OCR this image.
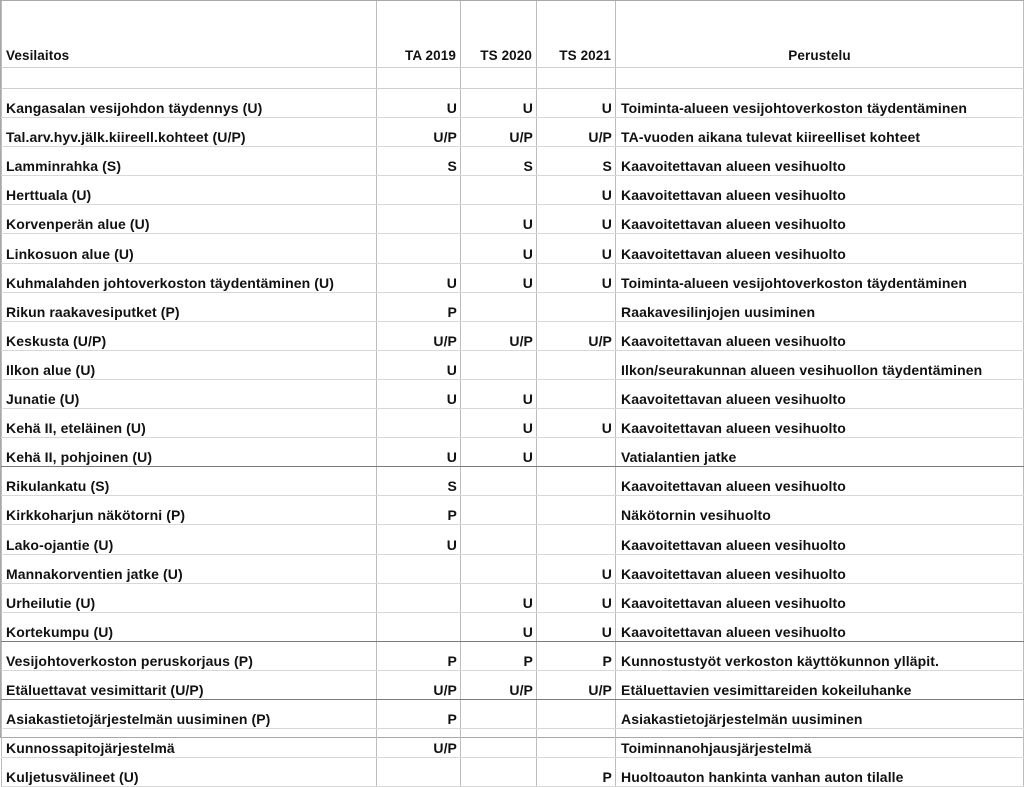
Vesilaitos	TA 2019	TS 2020	TS 2021	Perustelu

Kangasalan vesijohdon täydennys (U)	U	U	U	Toiminta-alueen vesijohtoverkoston täydentäminen
Tal.arv.hyv.jälk.kiireell.kohteet (U/P)	U/P	U/P	U/P	TA-vuoden aikana tulevat kiireelliset kohteet
Lamminrahka (S)	S	S	S	Kaavoitettavan alueen vesihuolto
Herttuala (U)			U	Kaavoitettavan alueen vesihuolto
Korvenperän alue (U)		U	U	Kaavoitettavan alueen vesihuolto
Linkosuon alue (U)		U	U	Kaavoitettavan alueen vesihuolto
Kuhmalahden johtoverkoston täydentäminen (U)	U	U	U	Toiminta-alueen vesijohtoverkoston täydentäminen
Rikun raakavesiputket (P)	P			Raakavesilinjojen uusiminen
Keskusta (U/P)	U/P	U/P	U/P	Kaavoitettavan alueen vesihuolto
Ilkon alue (U)	U			Ilkon/seurakunnan alueen vesihuollon täydentäminen
Junatie (U)	U	U		Kaavoitettavan alueen vesihuolto
Kehä II, eteläinen (U)		U	U	Kaavoitettavan alueen vesihuolto
Kehä II, pohjoinen (U)	U	U		Vatialantien jatke
Rikulankatu (S)	S			Kaavoitettavan alueen vesihuolto
Kirkkoharjun näkötorni (P)	P			Näkötornin vesihuolto
Lako-ojantie (U)	U			Kaavoitettavan alueen vesihuolto
Mannakorventien jatke (U)			U	Kaavoitettavan alueen vesihuolto
Urheilutie (U)		U	U	Kaavoitettavan alueen vesihuolto
Kortekumpu (U)		U	U	Kaavoitettavan alueen vesihuolto
Vesijohtoverkoston peruskorjaus (P)	P	P	P	Kunnostustyöt verkoston käyttökunnon ylläpit.
Etäluettavat vesimittarit (U/P)	U/P	U/P	U/P	Etäluettavien vesimittareiden kokeiluhanke
Asiakastietojärjestelmän uusiminen (P)	P			Asiakastietojärjestelmän uusiminen
Kunnossapitojärjestelmä	U/P			Toiminnanohjausjärjestelmä
Kuljetusvälineet (U)			P	Huoltoauton hankinta vanhan auton tilalle
